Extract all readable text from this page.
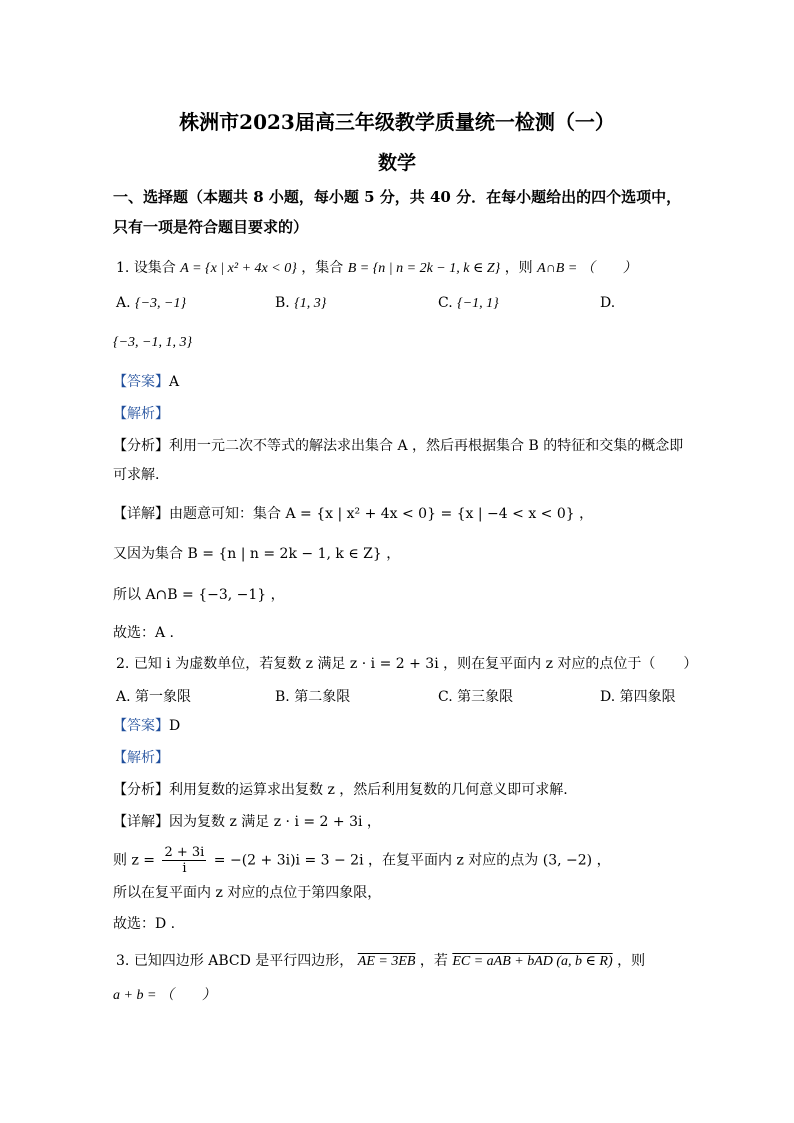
株洲市2023届高三年级教学质量统一检测（一）
数学
一、选择题（本题共 8 小题，每小题 5 分，共 40 分．在每小题给出的四个选项中，
只有一项是符合题目要求的）
1. 设集合 A = {x | x² + 4x < 0} ，集合 B = {n | n = 2k − 1, k ∈ Z} ，则 A∩B = （　　）
A. {−3, −1}	B. {1, 3}	C. {−1, 1}	D.
{−3, −1, 1, 3}
【答案】A
【解析】
【分析】利用一元二次不等式的解法求出集合 A ，然后再根据集合 B 的特征和交集的概念即
可求解.
【详解】由题意可知：集合 A = {x | x² + 4x < 0} = {x | −4 < x < 0} ，
又因为集合 B = {n | n = 2k − 1, k ∈ Z} ，
所以 A∩B = {−3, −1} ，
故选：A .
2. 已知 i 为虚数单位，若复数 z 满足 z · i = 2 + 3i ，则在复平面内 z 对应的点位于（　　）
A. 第一象限	B. 第二象限	C. 第三象限	D. 第四象限
【答案】D
【解析】
【分析】利用复数的运算求出复数 z ，然后利用复数的几何意义即可求解.
【详解】因为复数 z 满足 z · i = 2 + 3i ，
则 $z = \frac{2 + 3i}{i} = -(2 + 3i)i = 3 - 2i$ ，在复平面内 z 对应的点为 (3, −2) ，
所以在复平面内 z 对应的点位于第四象限，
故选：D .
3. 已知四边形 ABCD 是平行四边形， AE = 3EB ，若 EC = aAB + bAD (a, b ∈ R) ，则
a + b = （　　）
